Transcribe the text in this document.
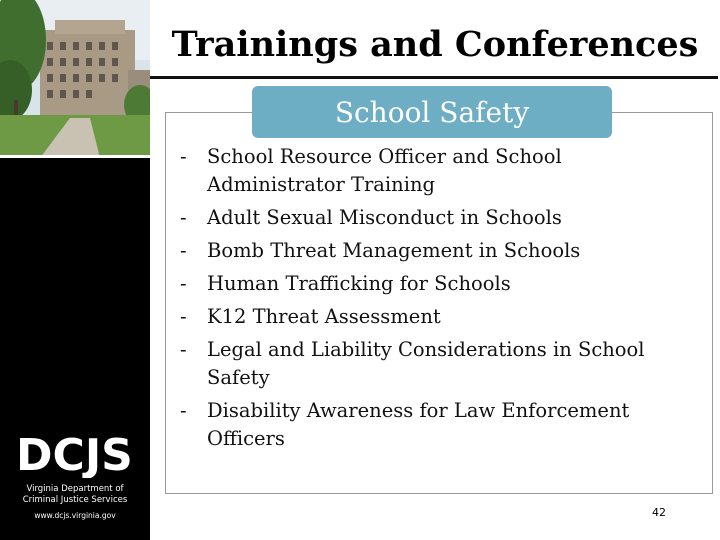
DCJS
Virginia Department of
Criminal Justice Services
www.dcjs.virginia.gov
Trainings and Conferences
School Safety
- School Resource Officer and School Administrator Training
- Adult Sexual Misconduct in Schools
- Bomb Threat Management in Schools
- Human Trafficking for Schools
- K12 Threat Assessment
- Legal and Liability Considerations in School Safety
- Disability Awareness for Law Enforcement Officers
42
